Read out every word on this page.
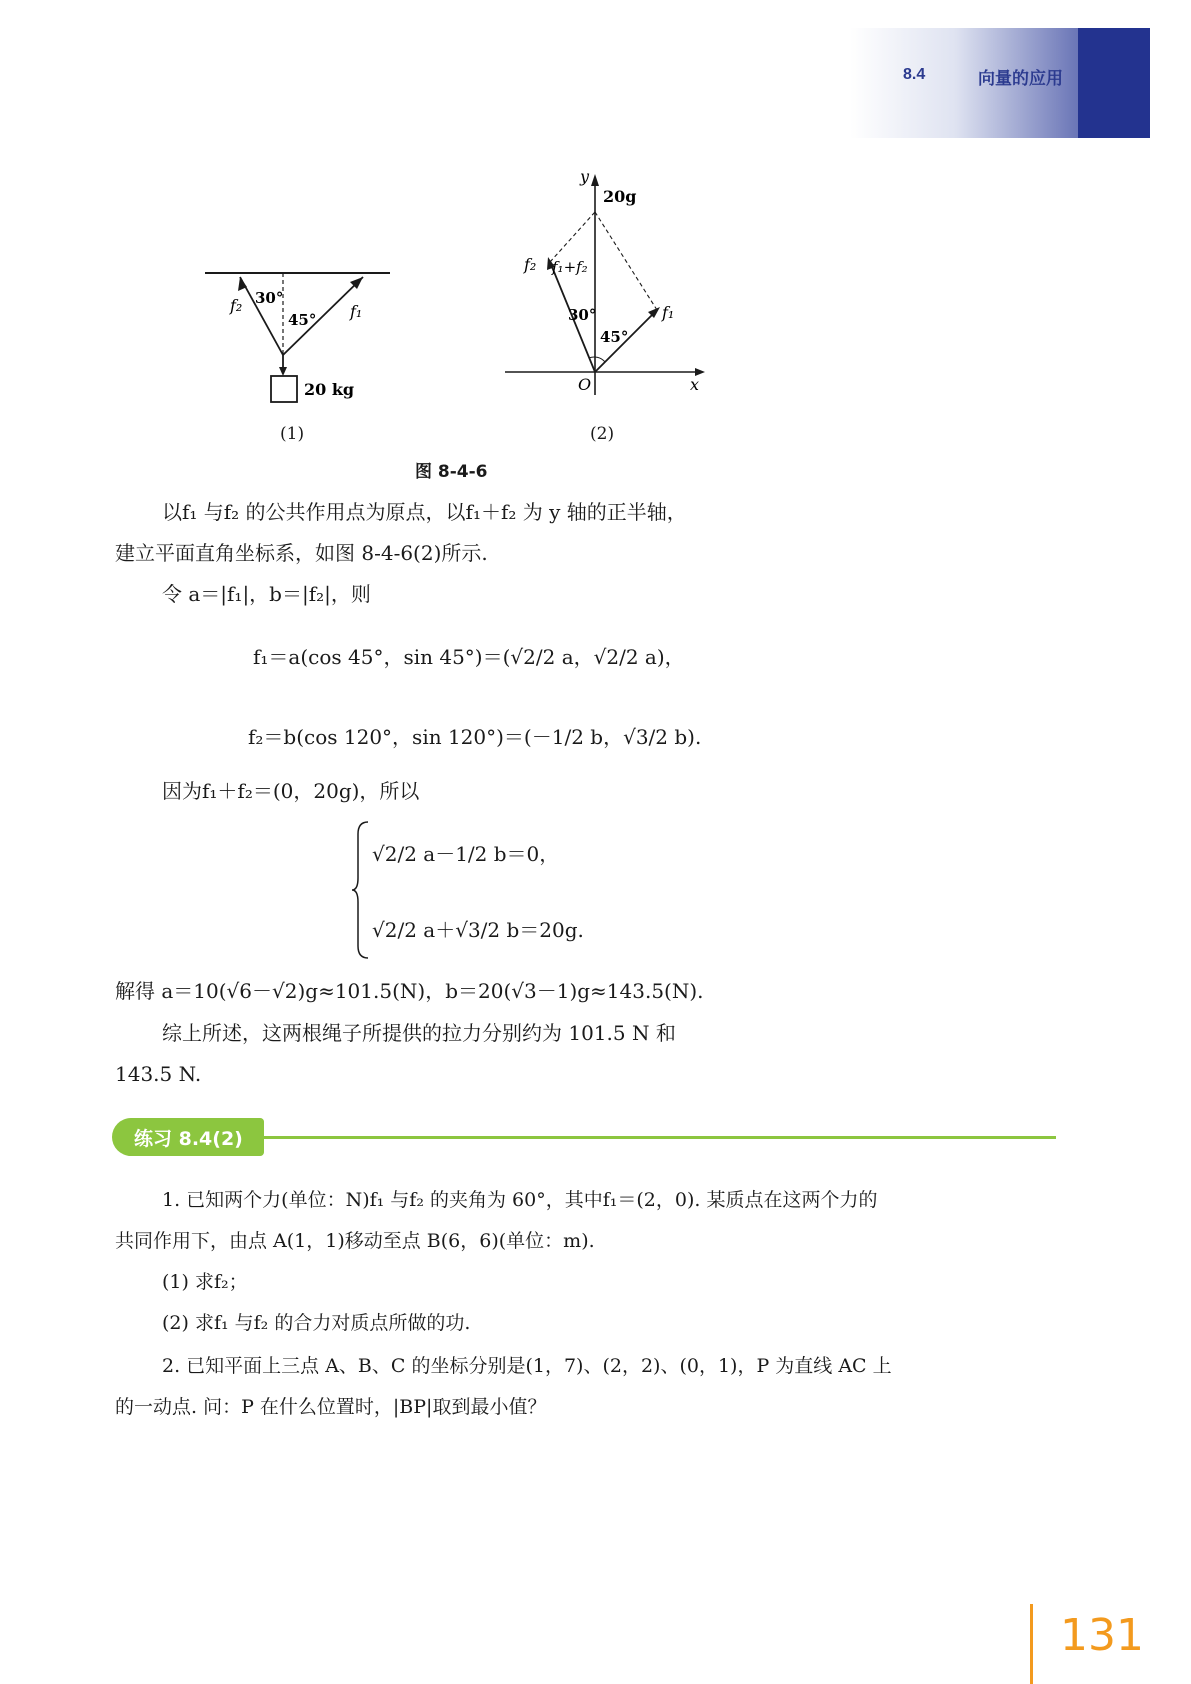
8.4	向量的应用
f₂ 30°
45° f₁
20 kg
(1)
20g
y
f₂ f₁+f₂
30°
45°
f₁
O	x
(2)
图 8-4-6
以f₁ 与f₂ 的公共作用点为原点，以f₁＋f₂ 为 y 轴的正半轴，
建立平面直角坐标系，如图 8-4-6(2)所示.
令 a＝|f₁|，b＝|f₂|，则
f₁＝a(cos 45°，sin 45°)＝(√2/2 a，√2/2 a)，
f₂＝b(cos 120°，sin 120°)＝(－1/2 b，√3/2 b).
因为f₁＋f₂＝(0，20g)，所以
√2/2 a－1/2 b＝0，
√2/2 a＋√3/2 b＝20g.
解得 a＝10(√6－√2)g≈101.5(N)，b＝20(√3－1)g≈143.5(N).
综上所述，这两根绳子所提供的拉力分别约为 101.5 N 和
143.5 N.
练习 8.4(2)
1. 已知两个力(单位：N)f₁ 与f₂ 的夹角为 60°，其中f₁＝(2，0). 某质点在这两个力的
共同作用下，由点 A(1，1)移动至点 B(6，6)(单位：m).
(1) 求f₂；
(2) 求f₁ 与f₂ 的合力对质点所做的功.
2. 已知平面上三点 A、B、C 的坐标分别是(1，7)、(2，2)、(0，1)，P 为直线 AC 上
的一动点. 问：P 在什么位置时，|BP|取到最小值？
131
